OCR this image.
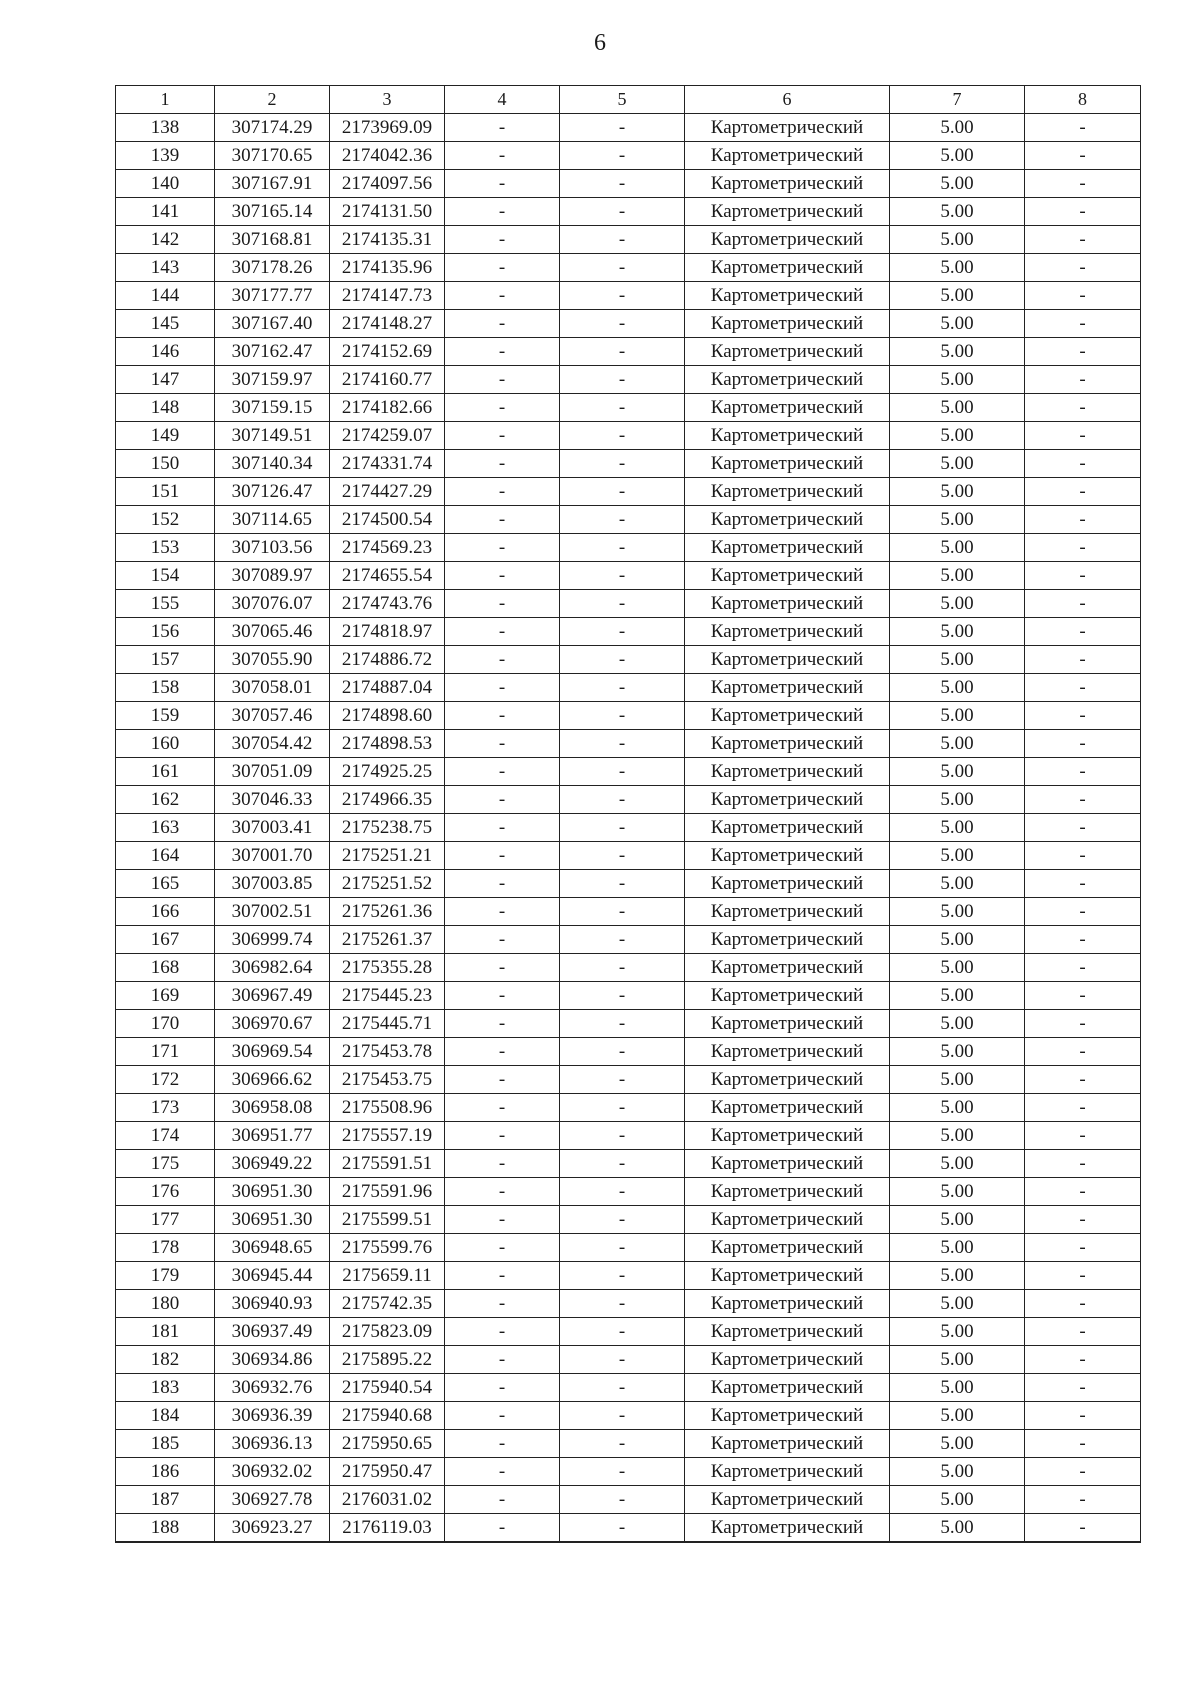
6
1	2	3	4	5	6	7	8
138	307174.29	2173969.09	-	-	Картометрический	5.00	-
139	307170.65	2174042.36	-	-	Картометрический	5.00	-
140	307167.91	2174097.56	-	-	Картометрический	5.00	-
141	307165.14	2174131.50	-	-	Картометрический	5.00	-
142	307168.81	2174135.31	-	-	Картометрический	5.00	-
143	307178.26	2174135.96	-	-	Картометрический	5.00	-
144	307177.77	2174147.73	-	-	Картометрический	5.00	-
145	307167.40	2174148.27	-	-	Картометрический	5.00	-
146	307162.47	2174152.69	-	-	Картометрический	5.00	-
147	307159.97	2174160.77	-	-	Картометрический	5.00	-
148	307159.15	2174182.66	-	-	Картометрический	5.00	-
149	307149.51	2174259.07	-	-	Картометрический	5.00	-
150	307140.34	2174331.74	-	-	Картометрический	5.00	-
151	307126.47	2174427.29	-	-	Картометрический	5.00	-
152	307114.65	2174500.54	-	-	Картометрический	5.00	-
153	307103.56	2174569.23	-	-	Картометрический	5.00	-
154	307089.97	2174655.54	-	-	Картометрический	5.00	-
155	307076.07	2174743.76	-	-	Картометрический	5.00	-
156	307065.46	2174818.97	-	-	Картометрический	5.00	-
157	307055.90	2174886.72	-	-	Картометрический	5.00	-
158	307058.01	2174887.04	-	-	Картометрический	5.00	-
159	307057.46	2174898.60	-	-	Картометрический	5.00	-
160	307054.42	2174898.53	-	-	Картометрический	5.00	-
161	307051.09	2174925.25	-	-	Картометрический	5.00	-
162	307046.33	2174966.35	-	-	Картометрический	5.00	-
163	307003.41	2175238.75	-	-	Картометрический	5.00	-
164	307001.70	2175251.21	-	-	Картометрический	5.00	-
165	307003.85	2175251.52	-	-	Картометрический	5.00	-
166	307002.51	2175261.36	-	-	Картометрический	5.00	-
167	306999.74	2175261.37	-	-	Картометрический	5.00	-
168	306982.64	2175355.28	-	-	Картометрический	5.00	-
169	306967.49	2175445.23	-	-	Картометрический	5.00	-
170	306970.67	2175445.71	-	-	Картометрический	5.00	-
171	306969.54	2175453.78	-	-	Картометрический	5.00	-
172	306966.62	2175453.75	-	-	Картометрический	5.00	-
173	306958.08	2175508.96	-	-	Картометрический	5.00	-
174	306951.77	2175557.19	-	-	Картометрический	5.00	-
175	306949.22	2175591.51	-	-	Картометрический	5.00	-
176	306951.30	2175591.96	-	-	Картометрический	5.00	-
177	306951.30	2175599.51	-	-	Картометрический	5.00	-
178	306948.65	2175599.76	-	-	Картометрический	5.00	-
179	306945.44	2175659.11	-	-	Картометрический	5.00	-
180	306940.93	2175742.35	-	-	Картометрический	5.00	-
181	306937.49	2175823.09	-	-	Картометрический	5.00	-
182	306934.86	2175895.22	-	-	Картометрический	5.00	-
183	306932.76	2175940.54	-	-	Картометрический	5.00	-
184	306936.39	2175940.68	-	-	Картометрический	5.00	-
185	306936.13	2175950.65	-	-	Картометрический	5.00	-
186	306932.02	2175950.47	-	-	Картометрический	5.00	-
187	306927.78	2176031.02	-	-	Картометрический	5.00	-
188	306923.27	2176119.03	-	-	Картометрический	5.00	-
